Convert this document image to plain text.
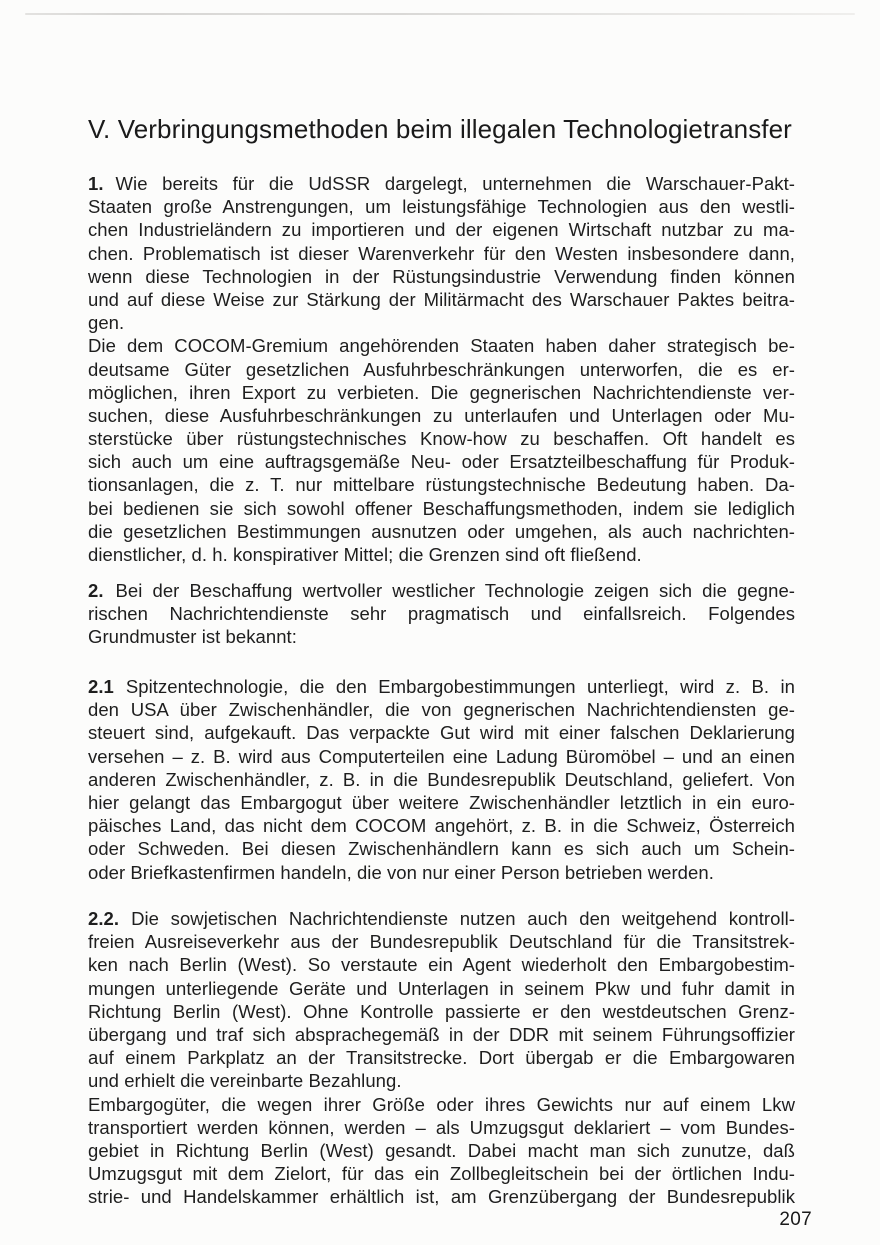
V. Verbringungsmethoden beim illegalen Technologietransfer
1. Wie bereits für die UdSSR dargelegt, unternehmen die Warschauer-Pakt-
Staaten große Anstrengungen, um leistungsfähige Technologien aus den westli-
chen Industrieländern zu importieren und der eigenen Wirtschaft nutzbar zu ma-
chen. Problematisch ist dieser Warenverkehr für den Westen insbesondere dann,
wenn diese Technologien in der Rüstungsindustrie Verwendung finden können
und auf diese Weise zur Stärkung der Militärmacht des Warschauer Paktes beitra-
gen.
Die dem COCOM-Gremium angehörenden Staaten haben daher strategisch be-
deutsame Güter gesetzlichen Ausfuhrbeschränkungen unterworfen, die es er-
möglichen, ihren Export zu verbieten. Die gegnerischen Nachrichtendienste ver-
suchen, diese Ausfuhrbeschränkungen zu unterlaufen und Unterlagen oder Mu-
sterstücke über rüstungstechnisches Know-how zu beschaffen. Oft handelt es
sich auch um eine auftragsgemäße Neu- oder Ersatzteilbeschaffung für Produk-
tionsanlagen, die z. T. nur mittelbare rüstungstechnische Bedeutung haben. Da-
bei bedienen sie sich sowohl offener Beschaffungsmethoden, indem sie lediglich
die gesetzlichen Bestimmungen ausnutzen oder umgehen, als auch nachrichten-
dienstlicher, d. h. konspirativer Mittel; die Grenzen sind oft fließend.
2. Bei der Beschaffung wertvoller westlicher Technologie zeigen sich die gegne-
rischen Nachrichtendienste sehr pragmatisch und einfallsreich. Folgendes
Grundmuster ist bekannt:
2.1 Spitzentechnologie, die den Embargobestimmungen unterliegt, wird z. B. in
den USA über Zwischenhändler, die von gegnerischen Nachrichtendiensten ge-
steuert sind, aufgekauft. Das verpackte Gut wird mit einer falschen Deklarierung
versehen – z. B. wird aus Computerteilen eine Ladung Büromöbel – und an einen
anderen Zwischenhändler, z. B. in die Bundesrepublik Deutschland, geliefert. Von
hier gelangt das Embargogut über weitere Zwischenhändler letztlich in ein euro-
päisches Land, das nicht dem COCOM angehört, z. B. in die Schweiz, Österreich
oder Schweden. Bei diesen Zwischenhändlern kann es sich auch um Schein-
oder Briefkastenfirmen handeln, die von nur einer Person betrieben werden.
2.2. Die sowjetischen Nachrichtendienste nutzen auch den weitgehend kontroll-
freien Ausreiseverkehr aus der Bundesrepublik Deutschland für die Transitstrek-
ken nach Berlin (West). So verstaute ein Agent wiederholt den Embargobestim-
mungen unterliegende Geräte und Unterlagen in seinem Pkw und fuhr damit in
Richtung Berlin (West). Ohne Kontrolle passierte er den westdeutschen Grenz-
übergang und traf sich absprachegemäß in der DDR mit seinem Führungsoffizier
auf einem Parkplatz an der Transitstrecke. Dort übergab er die Embargowaren
und erhielt die vereinbarte Bezahlung.
Embargogüter, die wegen ihrer Größe oder ihres Gewichts nur auf einem Lkw
transportiert werden können, werden – als Umzugsgut deklariert – vom Bundes-
gebiet in Richtung Berlin (West) gesandt. Dabei macht man sich zunutze, daß
Umzugsgut mit dem Zielort, für das ein Zollbegleitschein bei der örtlichen Indu-
strie- und Handelskammer erhältlich ist, am Grenzübergang der Bundesrepublik
207
